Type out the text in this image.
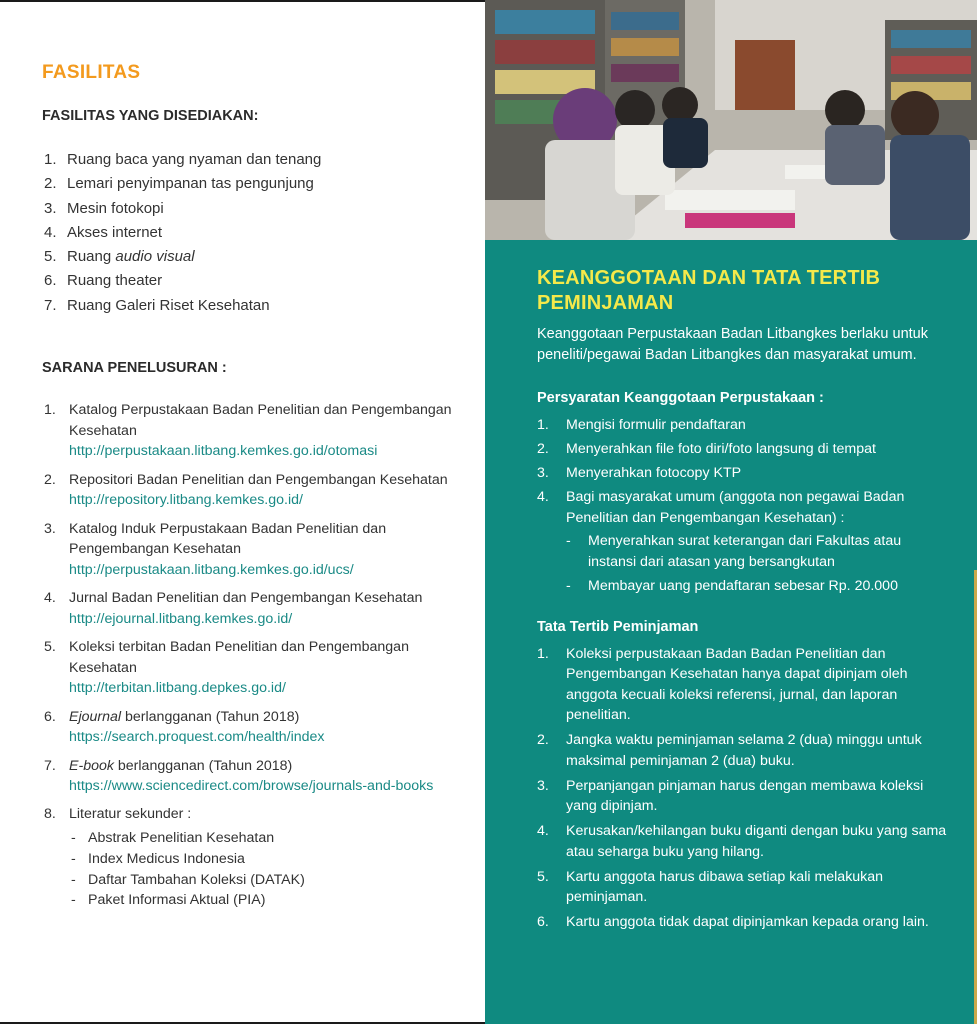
FASILITAS
FASILITAS YANG DISEDIAKAN:
1. Ruang baca yang nyaman dan tenang
2. Lemari penyimpanan tas pengunjung
3. Mesin fotokopi
4. Akses internet
5. Ruang audio visual
6. Ruang theater
7. Ruang Galeri Riset Kesehatan
SARANA PENELUSURAN :
1. Katalog Perpustakaan Badan Penelitian dan Pengembangan Kesehatan
http://perpustakaan.litbang.kemkes.go.id/otomasi
2. Repositori Badan Penelitian dan Pengembangan Kesehatan
http://repository.litbang.kemkes.go.id/
3. Katalog Induk Perpustakaan Badan Penelitian dan Pengembangan Kesehatan
http://perpustakaan.litbang.kemkes.go.id/ucs/
4. Jurnal Badan Penelitian dan Pengembangan Kesehatan
http://ejournal.litbang.kemkes.go.id/
5. Koleksi terbitan Badan Penelitian dan Pengembangan Kesehatan
http://terbitan.litbang.depkes.go.id/
6. Ejournal berlangganan (Tahun 2018)
https://search.proquest.com/health/index
7. E-book berlangganan (Tahun 2018)
https://www.sciencedirect.com/browse/journals-and-books
8. Literatur sekunder :
- Abstrak Penelitian Kesehatan
- Index Medicus Indonesia
- Daftar Tambahan Koleksi (DATAK)
- Paket Informasi Aktual (PIA)
KEANGGOTAAN DAN TATA TERTIB PEMINJAMAN

Keanggotaan Perpustakaan Badan Litbangkes berlaku untuk peneliti/pegawai Badan Litbangkes dan masyarakat umum.

Persyaratan Keanggotaan Perpustakaan :
1. Mengisi formulir pendaftaran
2. Menyerahkan file foto diri/foto langsung di tempat
3. Menyerahkan fotocopy KTP
4. Bagi masyarakat umum (anggota non pegawai Badan Penelitian dan Pengembangan Kesehatan) :
- Menyerahkan surat keterangan dari Fakultas atau instansi dari atasan yang bersangkutan
- Membayar uang pendaftaran sebesar Rp. 20.000
Tata Tertib Peminjaman
1. Koleksi perpustakaan Badan Badan Penelitian dan Pengembangan Kesehatan hanya dapat dipinjam oleh anggota kecuali koleksi referensi, jurnal, dan laporan penelitian.
2. Jangka waktu peminjaman selama 2 (dua) minggu untuk maksimal peminjaman 2 (dua) buku.
3. Perpanjangan pinjaman harus dengan membawa koleksi yang dipinjam.
4. Kerusakan/kehilangan buku diganti dengan buku yang sama atau seharga buku yang hilang.
5. Kartu anggota harus dibawa setiap kali melakukan peminjaman.
6. Kartu anggota tidak dapat dipinjamkan kepada orang lain.
